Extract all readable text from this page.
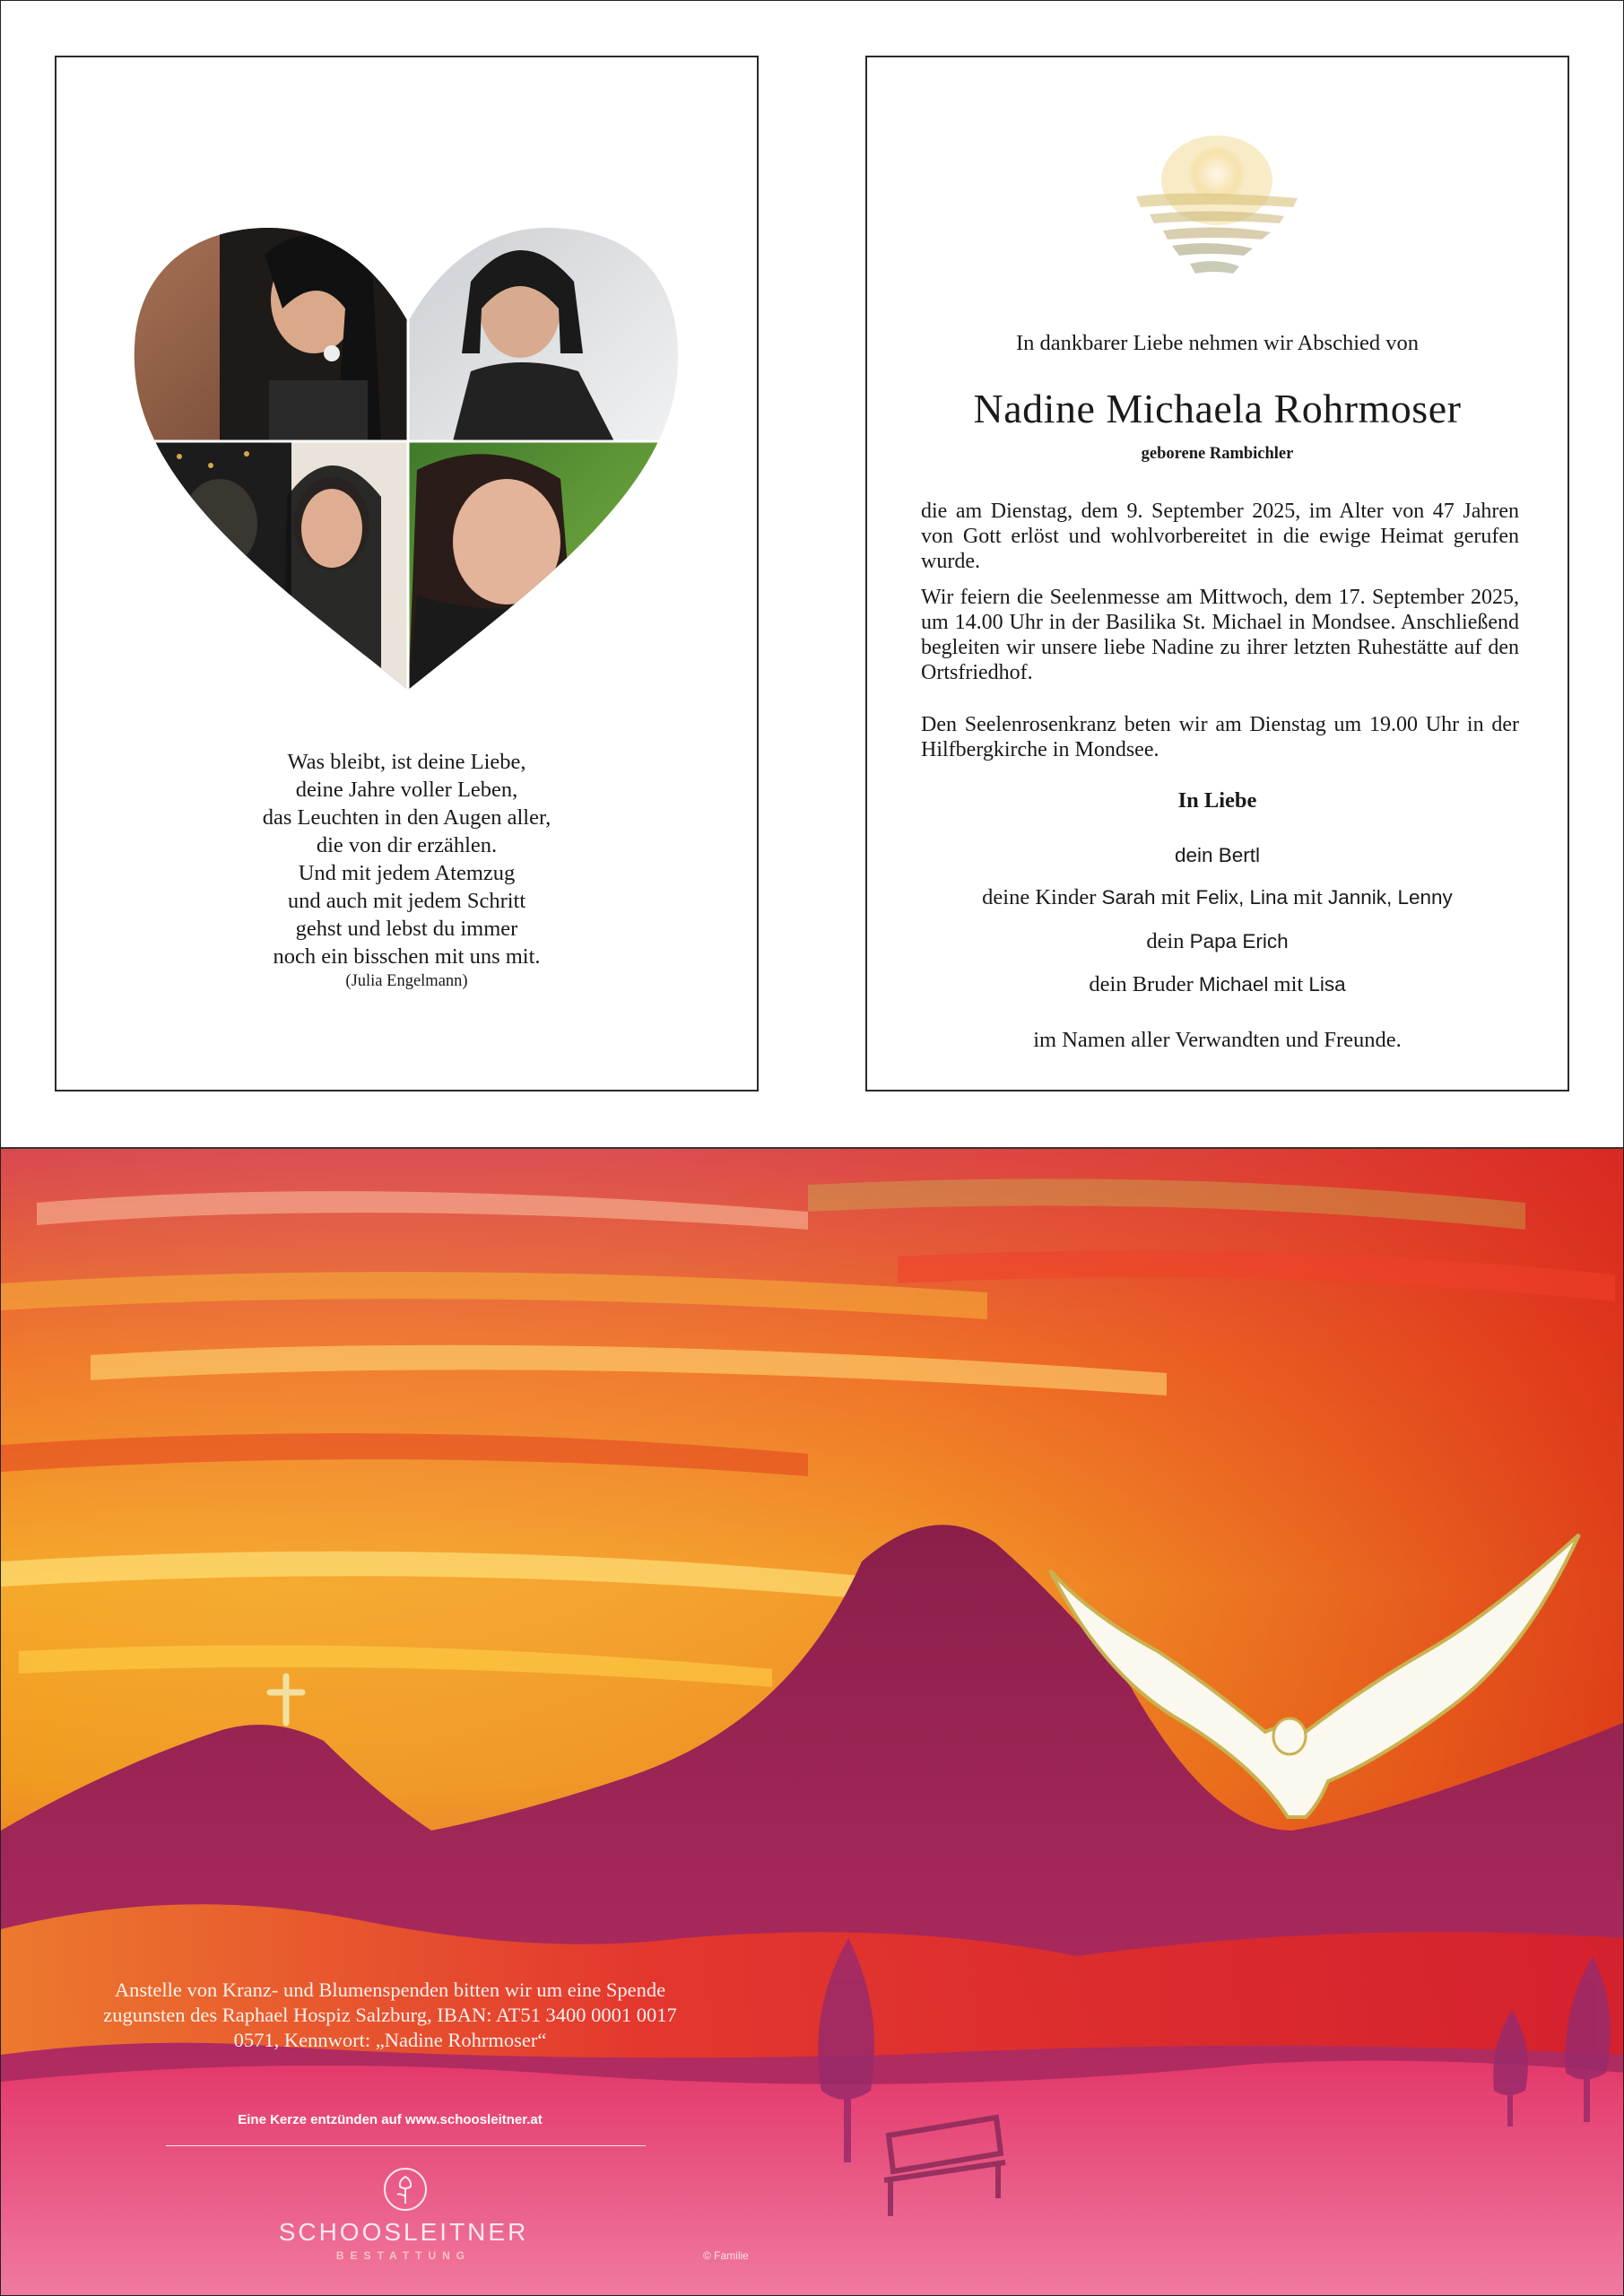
Was bleibt, ist deine Liebe,
deine Jahre voller Leben,
das Leuchten in den Augen aller,
die von dir erzählen.
Und mit jedem Atemzug
und auch mit jedem Schritt
gehst und lebst du immer
noch ein bisschen mit uns mit.
(Julia Engelmann)
In dankbarer Liebe nehmen wir Abschied von
Nadine Michaela Rohrmoser
geborene Rambichler
die am Dienstag, dem 9. September 2025, im Alter von 47 Jahren von Gott erlöst und wohlvorbereitet in die ewige Heimat gerufen wurde.
Wir feiern die Seelenmesse am Mittwoch, dem 17. September 2025, um 14.00 Uhr in der Basilika St. Michael in Mondsee. Anschließend begleiten wir unsere liebe Nadine zu ihrer letzten Ruhestätte auf den Ortsfriedhof.
Den Seelenrosenkranz beten wir am Dienstag um 19.00 Uhr in der Hilfbergkirche in Mondsee.
In Liebe
dein Bertl
deine Kinder Sarah mit Felix, Lina mit Jannik, Lenny
dein Papa Erich
dein Bruder Michael mit Lisa
im Namen aller Verwandten und Freunde.
Anstelle von Kranz- und Blumenspenden bitten wir um eine Spende zugunsten des Raphael Hospiz Salzburg, IBAN: AT51 3400 0001 0017 0571, Kennwort: „Nadine Rohrmoser“
Eine Kerze entzünden auf www.schoosleitner.at
SCHOOSLEITNER
BESTATTUNG	© Familie
